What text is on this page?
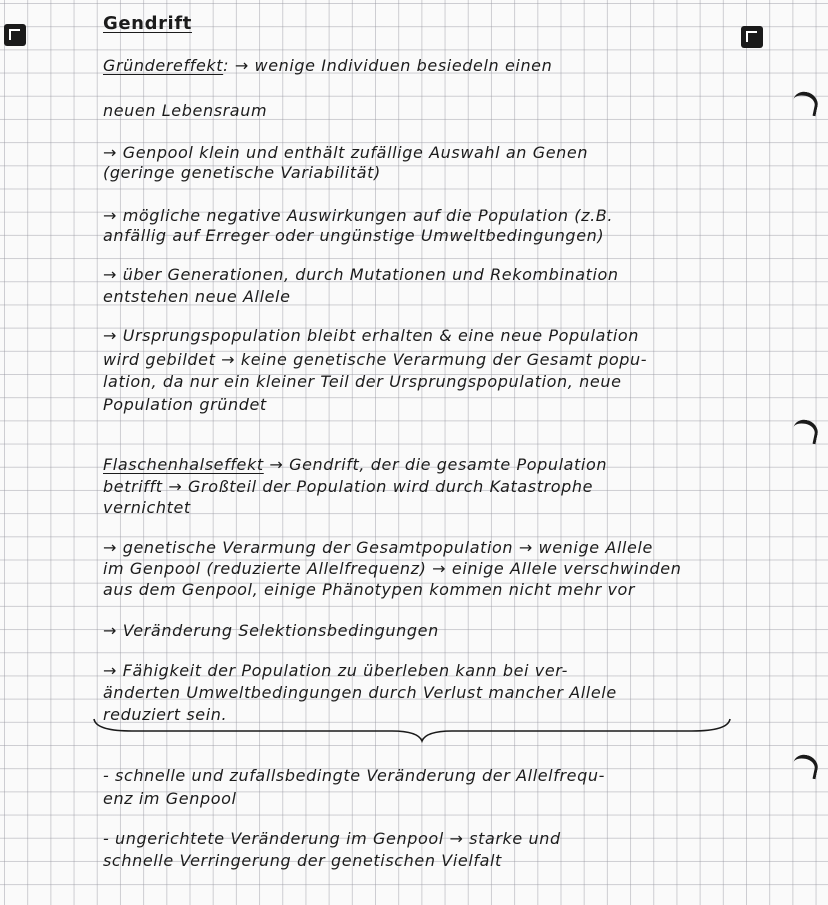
Gendrift
Gründereffekt: → wenige Individuen besiedeln einen
neuen Lebensraum
→ Genpool klein und enthält zufällige Auswahl an Genen
(geringe genetische Variabilität)
→ mögliche negative Auswirkungen auf die Population (z.B.
anfällig auf Erreger oder ungünstige Umweltbedingungen)
→ über Generationen, durch Mutationen und Rekombination
entstehen neue Allele
→ Ursprungspopulation bleibt erhalten & eine neue Population
wird gebildet → keine genetische Verarmung der Gesamt popu-
lation, da nur ein kleiner Teil der Ursprungspopulation, neue
Population gründet
Flaschenhalseffekt → Gendrift, der die gesamte Population
betrifft → Großteil der Population wird durch Katastrophe
vernichtet
→ genetische Verarmung der Gesamtpopulation → wenige Allele
im Genpool (reduzierte Allelfrequenz) → einige Allele verschwinden
aus dem Genpool, einige Phänotypen kommen nicht mehr vor
→ Veränderung Selektionsbedingungen
→ Fähigkeit der Population zu überleben kann bei ver-
änderten Umweltbedingungen durch Verlust mancher Allele
reduziert sein.
- schnelle und zufallsbedingte Veränderung der Allelfrequ-
enz im Genpool
- ungerichtete Veränderung im Genpool → starke und
schnelle Verringerung der genetischen Vielfalt
